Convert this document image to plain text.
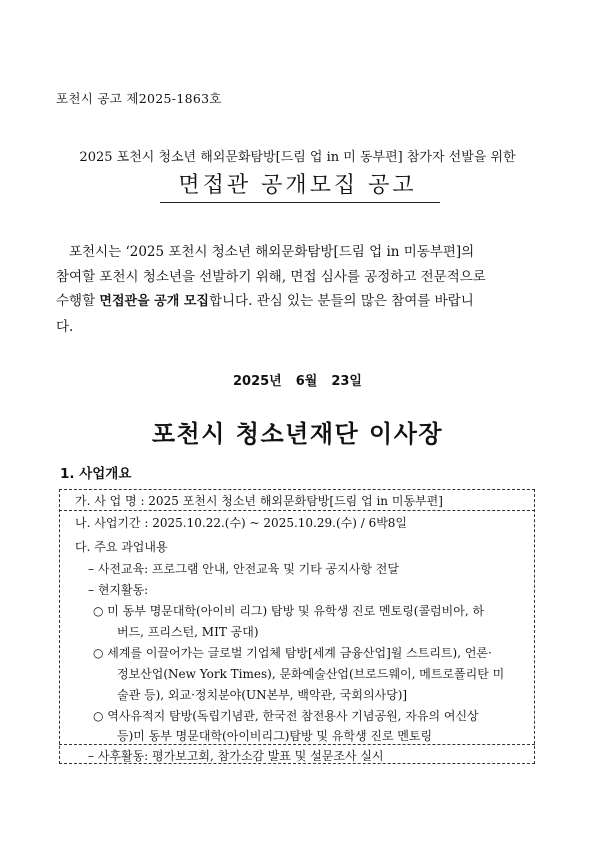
포천시 공고 제2025-1863호
2025 포천시 청소년 해외문화탐방[드림 업 in 미 동부편] 참가자 선발을 위한
면접관 공개모집 공고

포천시는 ‘2025 포천시 청소년 해외문화탐방[드림 업 in 미동부편]의

참여할 포천시 청소년을 선발하기 위해, 면접 심사를 공정하고 전문적으로

수행할 면접관을 공개 모집합니다. 관심 있는 분들의 많은 참여를 바랍니

다.

2025년 6월 23일
포천시 청소년재단 이사장
1. 사업개요
가. 사 업 명 : 2025 포천시 청소년 해외문화탐방[드림 업 in 미동부편]
나. 사업기간 : 2025.10.22.(수) ~ 2025.10.29.(수) / 6박8일
다. 주요 과업내용
– 사전교육: 프로그램 안내, 안전교육 및 기타 공지사항 전달
– 현지활동:
○ 미 동부 명문대학(아이비 리그) 탐방 및 유학생 진로 멘토링(콜럼비아, 하
버드, 프리스턴, MIT 공대)
○ 세계를 이끌어가는 글로벌 기업체 탐방[세계 금융산업]월 스트리트), 언론·
정보산업(New York Times), 문화예술산업(브로드웨이, 메트로폴리탄 미
술관 등), 외교·정치분야(UN본부, 백악관, 국회의사당)]
○ 역사유적지 탐방(독립기념관, 한국전 참전용사 기념공원, 자유의 여신상
등)미 동부 명문대학(아이비리그)탐방 및 유학생 진로 멘토링
– 사후활동: 평가보고회, 참가소감 발표 및 설문조사 실시
